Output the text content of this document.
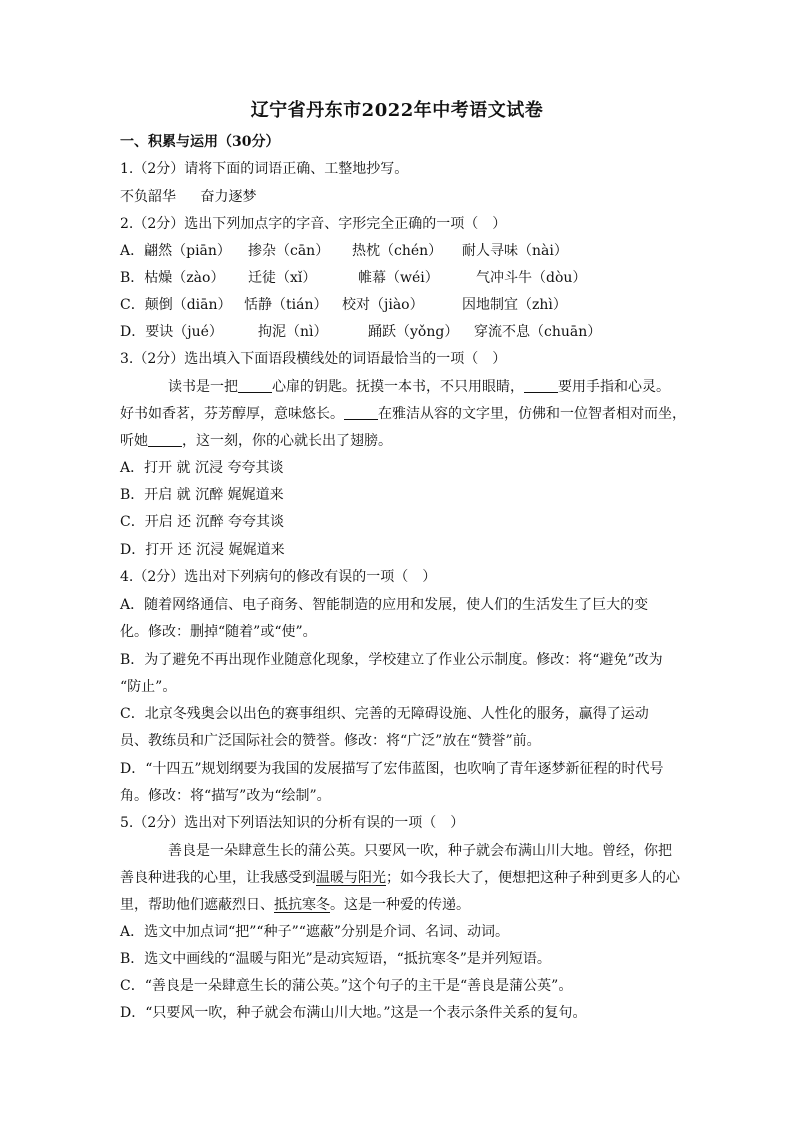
辽宁省丹东市2022年中考语文试卷
一、积累与运用（30分）
1.（2分）请将下面的词语正确、工整地抄写。
不负韶华 奋力逐梦
2.（2分）选出下列加点字的字音、字形完全正确的一项（　）
A．翩然（piān） 掺杂（cān） 热枕（chén） 耐人寻味（nài）
B．枯燥（zào） 迁徒（xǐ）	帷幕（wéi）	气冲斗牛（dòu）
C．颠倒（diān） 恬静（tián） 校对（jiào）	因地制宜（zhì）
D．要诀（jué）	拘泥（nì）	踊跃（yǒng） 穿流不息（chuān）
3.（2分）选出填入下面语段横线处的词语最恰当的一项（　）
读书是一把 心扉的钥匙。抚摸一本书，不只用眼睛， 要用手指和心灵。
好书如香茗，芬芳醇厚，意味悠长。 在雅洁从容的文字里，仿佛和一位智者相对而坐，
听她 ，这一刻，你的心就长出了翅膀。
A．打开 就 沉浸 夸夸其谈
B．开启 就 沉醉 娓娓道来
C．开启 还 沉醉 夸夸其谈
D．打开 还 沉浸 娓娓道来
4.（2分）选出对下列病句的修改有误的一项（　）
A．随着网络通信、电子商务、智能制造的应用和发展，使人们的生活发生了巨大的变
化。修改：删掉“随着”或“使”。
B．为了避免不再出现作业随意化现象，学校建立了作业公示制度。修改：将“避免”改为
“防止”。
C．北京冬残奥会以出色的赛事组织、完善的无障碍设施、人性化的服务，赢得了运动
员、教练员和广泛国际社会的赞誉。修改：将“广泛”放在“赞誉”前。
D．“十四五”规划纲要为我国的发展描写了宏伟蓝图，也吹响了青年逐梦新征程的时代号
角。修改：将“描写”改为“绘制”。
5.（2分）选出对下列语法知识的分析有误的一项（　）
善良是一朵肆意生长的蒲公英。只要风一吹，种子就会布满山川大地。曾经，你把
善良种进我的心里，让我感受到温暖与阳光；如今我长大了，便想把这种子种到更多人的心
里，帮助他们遮蔽烈日、抵抗寒冬。这是一种爱的传递。
A．选文中加点词“把”“种子”“遮蔽”分别是介词、名词、动词。
B．选文中画线的“温暖与阳光”是动宾短语，“抵抗寒冬”是并列短语。
C．“善良是一朵肆意生长的蒲公英。”这个句子的主干是“善良是蒲公英”。
D．“只要风一吹，种子就会布满山川大地。”这是一个表示条件关系的复句。
